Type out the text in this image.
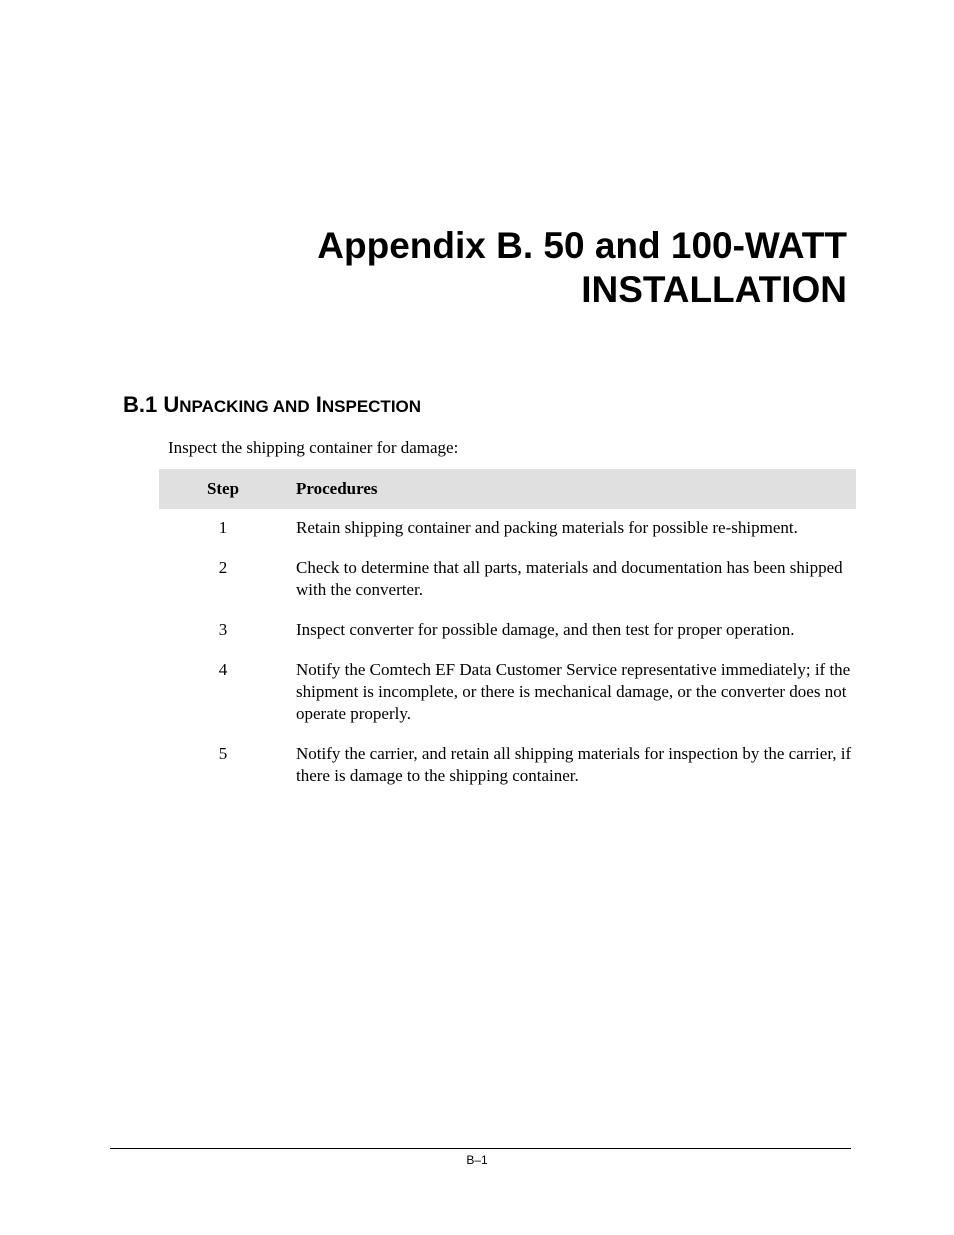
Appendix B. 50 and 100-WATT
INSTALLATION
B.1 UNPACKING AND INSPECTION
Inspect the shipping container for damage:
Step	Procedures
1	Retain shipping container and packing materials for possible re-shipment.
2	Check to determine that all parts, materials and documentation has been shipped with the converter.
3	Inspect converter for possible damage, and then test for proper operation.
4	Notify the Comtech EF Data Customer Service representative immediately; if the shipment is incomplete, or there is mechanical damage, or the converter does not operate properly.
5	Notify the carrier, and retain all shipping materials for inspection by the carrier, if there is damage to the shipping container.
B–1
